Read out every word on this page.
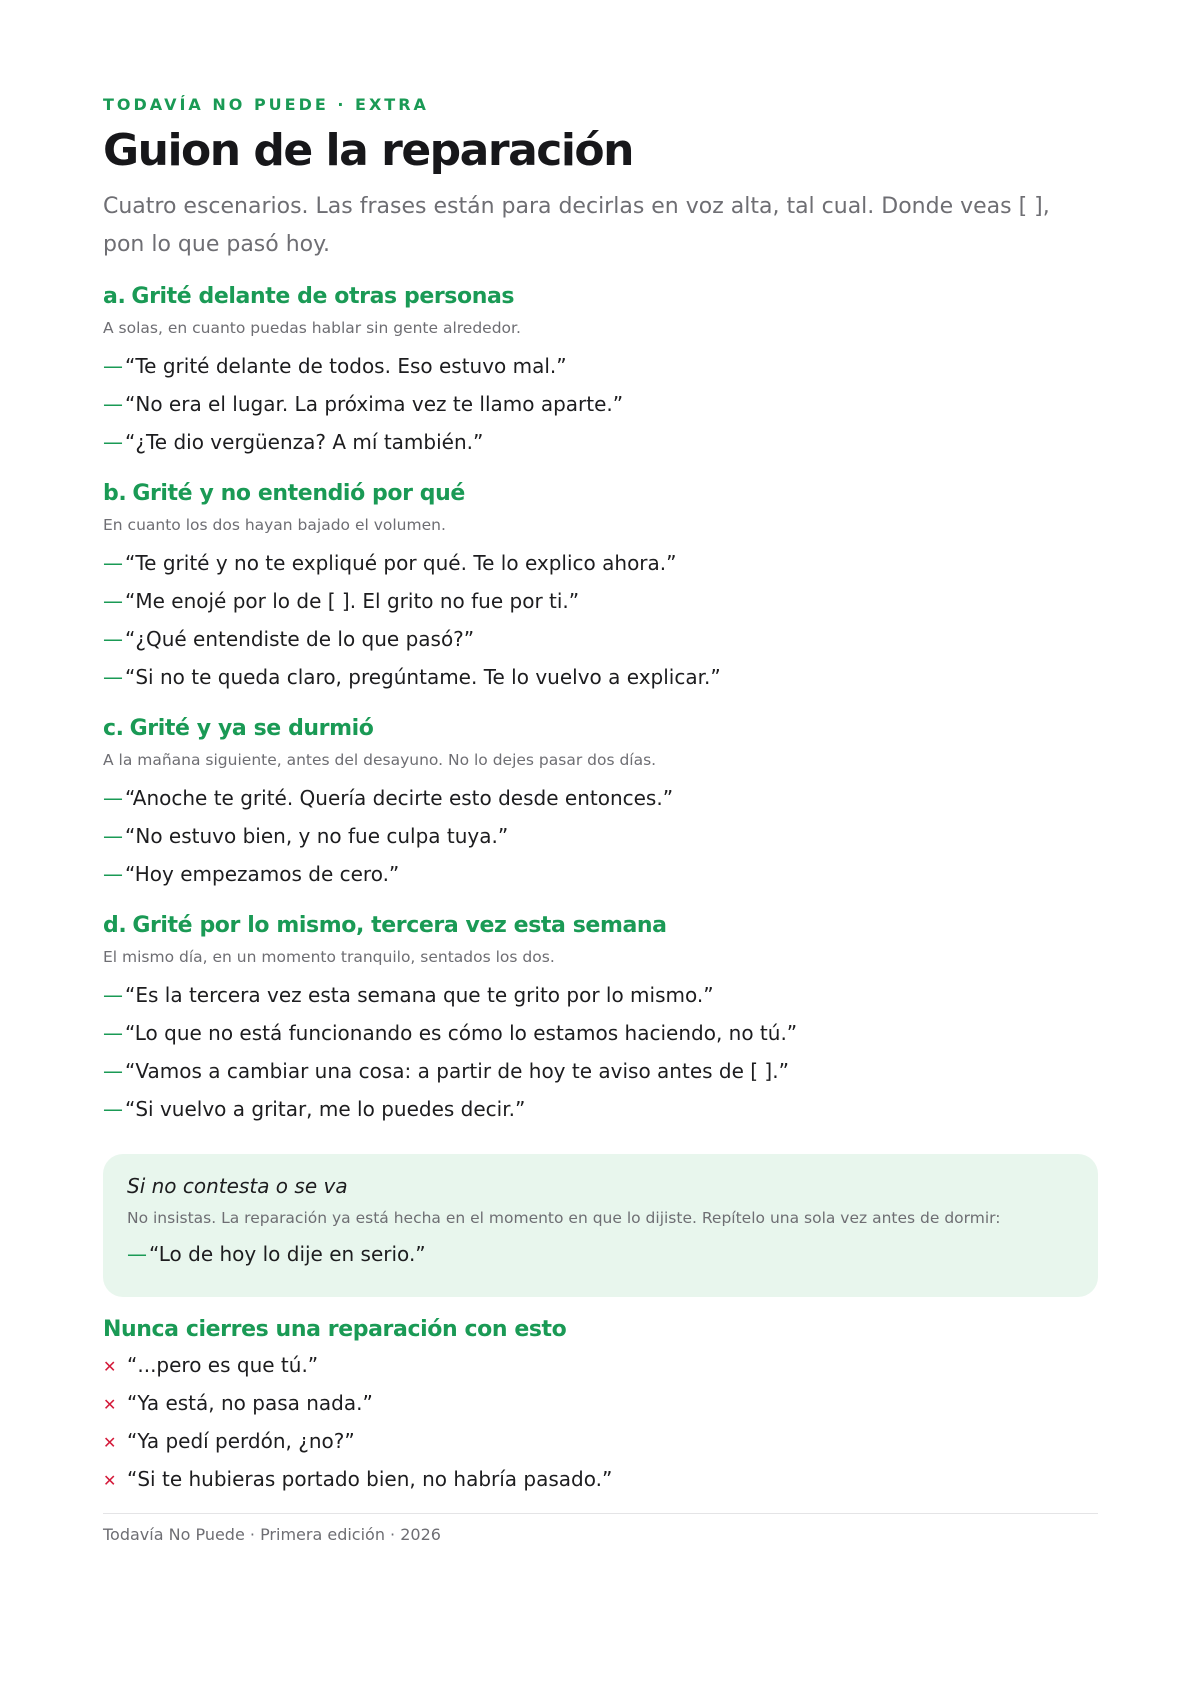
TODAVÍA NO PUEDE · EXTRA
Guion de la reparación

Cuatro escenarios. Las frases están para decirlas en voz alta, tal cual. Donde veas [ ], pon lo que pasó hoy.

a. Grité delante de otras personas
A solas, en cuanto puedas hablar sin gente alrededor.
— “Te grité delante de todos. Eso estuvo mal.”
— “No era el lugar. La próxima vez te llamo aparte.”
— “¿Te dio vergüenza? A mí también.”
b. Grité y no entendió por qué
En cuanto los dos hayan bajado el volumen.
— “Te grité y no te expliqué por qué. Te lo explico ahora.”
— “Me enojé por lo de [ ]. El grito no fue por ti.”
— “¿Qué entendiste de lo que pasó?”
— “Si no te queda claro, pregúntame. Te lo vuelvo a explicar.”
c. Grité y ya se durmió
A la mañana siguiente, antes del desayuno. No lo dejes pasar dos días.
— “Anoche te grité. Quería decirte esto desde entonces.”
— “No estuvo bien, y no fue culpa tuya.”
— “Hoy empezamos de cero.”
d. Grité por lo mismo, tercera vez esta semana
El mismo día, en un momento tranquilo, sentados los dos.
— “Es la tercera vez esta semana que te grito por lo mismo.”
— “Lo que no está funcionando es cómo lo estamos haciendo, no tú.”
— “Vamos a cambiar una cosa: a partir de hoy te aviso antes de [ ].”
— “Si vuelvo a gritar, me lo puedes decir.”
Si no contesta o se va
No insistas. La reparación ya está hecha en el momento en que lo dijiste. Repítelo una sola vez antes de dormir:
— “Lo de hoy lo dije en serio.”
Nunca cierres una reparación con esto
✕ “...pero es que tú.”
✕ “Ya está, no pasa nada.”
✕ “Ya pedí perdón, ¿no?”
✕ “Si te hubieras portado bien, no habría pasado.”
Todavía No Puede · Primera edición · 2026
